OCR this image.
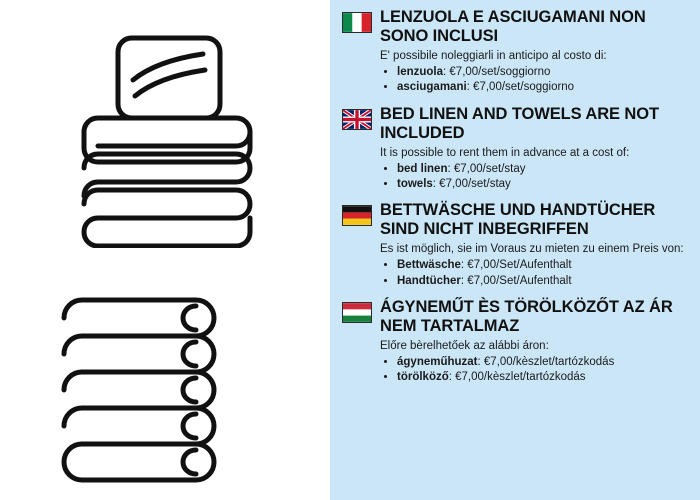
LENZUOLA E ASCIUGAMANI NON SONO INCLUSI
E' possibile noleggiarli in anticipo al costo di:
• lenzuola: €7,00/set/soggiorno
• asciugamani: €7,00/set/soggiorno
BED LINEN AND TOWELS ARE NOT INCLUDED
It is possible to rent them in advance at a cost of:
• bed linen: €7,00/set/stay
• towels: €7,00/set/stay
BETTWÄSCHE UND HANDTÜCHER SIND NICHT INBEGRIFFEN
Es ist möglich, sie im Voraus zu mieten zu einem Preis von:
• Bettwäsche: €7,00/Set/Aufenthalt
• Handtücher: €7,00/Set/Aufenthalt
ÁGYNEMŰT ÈS TÖRÖLKÖZŐT AZ ÁR NEM TARTALMAZ
Előre bèrelhetőek az alábbi áron:
• ágyneműhuzat: €7,00/kèszlet/tartózkodás
• törölköző: €7,00/kèszlet/tartózkodás
